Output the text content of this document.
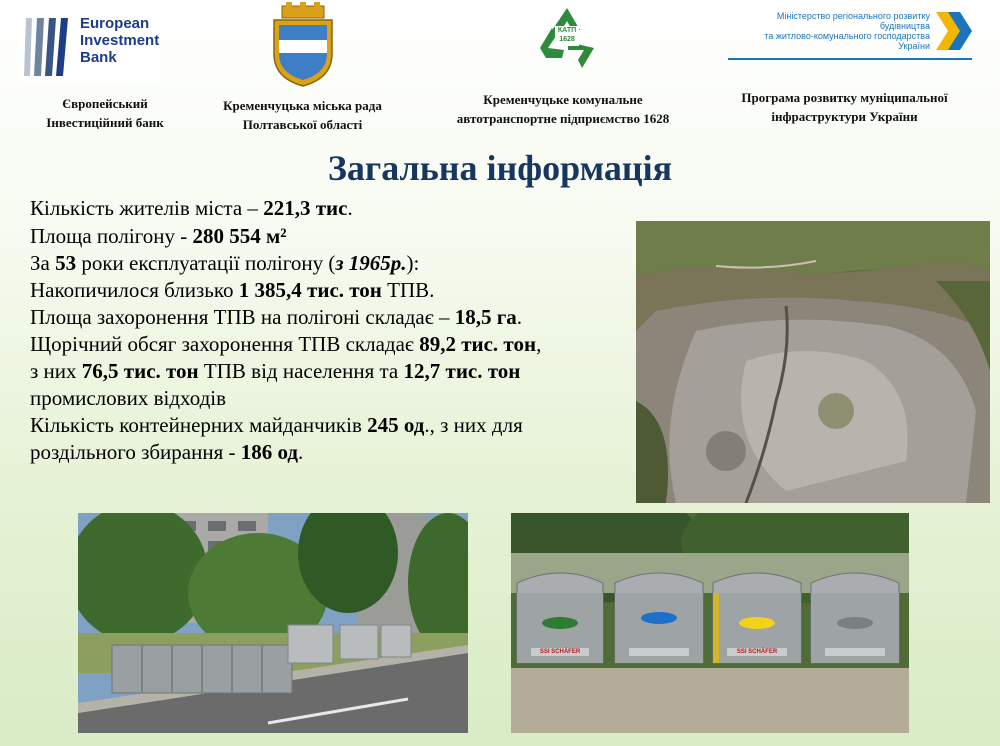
European
Investment
Bank
КАТП
1628
Міністерство регіонального розвитку
будівництва
та житлово-комунального господарства
України
Європейський
Інвестиційний банк
Кременчуцька міська рада
Полтавської області
Кременчуцьке комунальне
автотранспортне підприємство 1628
Програма розвитку муніципальної
інфраструктури України
Загальна інформація
Кількість жителів міста – 221,3 тис.
Площа полігону - 280 554 м²
За 53 роки експлуатації полігону (з 1965р.):
Накопичилося близько 1 385,4 тис. тон ТПВ.
Площа захоронення ТПВ на полігоні складає – 18,5 га.
Щорічний обсяг захоронення ТПВ складає 89,2 тис. тон,
з них 76,5 тис. тон ТПВ від населення та 12,7 тис. тон
промислових відходів
Кількість контейнерних майданчиків 245 од., з них для
роздільного збирання - 186 од.
SSI SCHÄFER	SSI SCHÄFER
